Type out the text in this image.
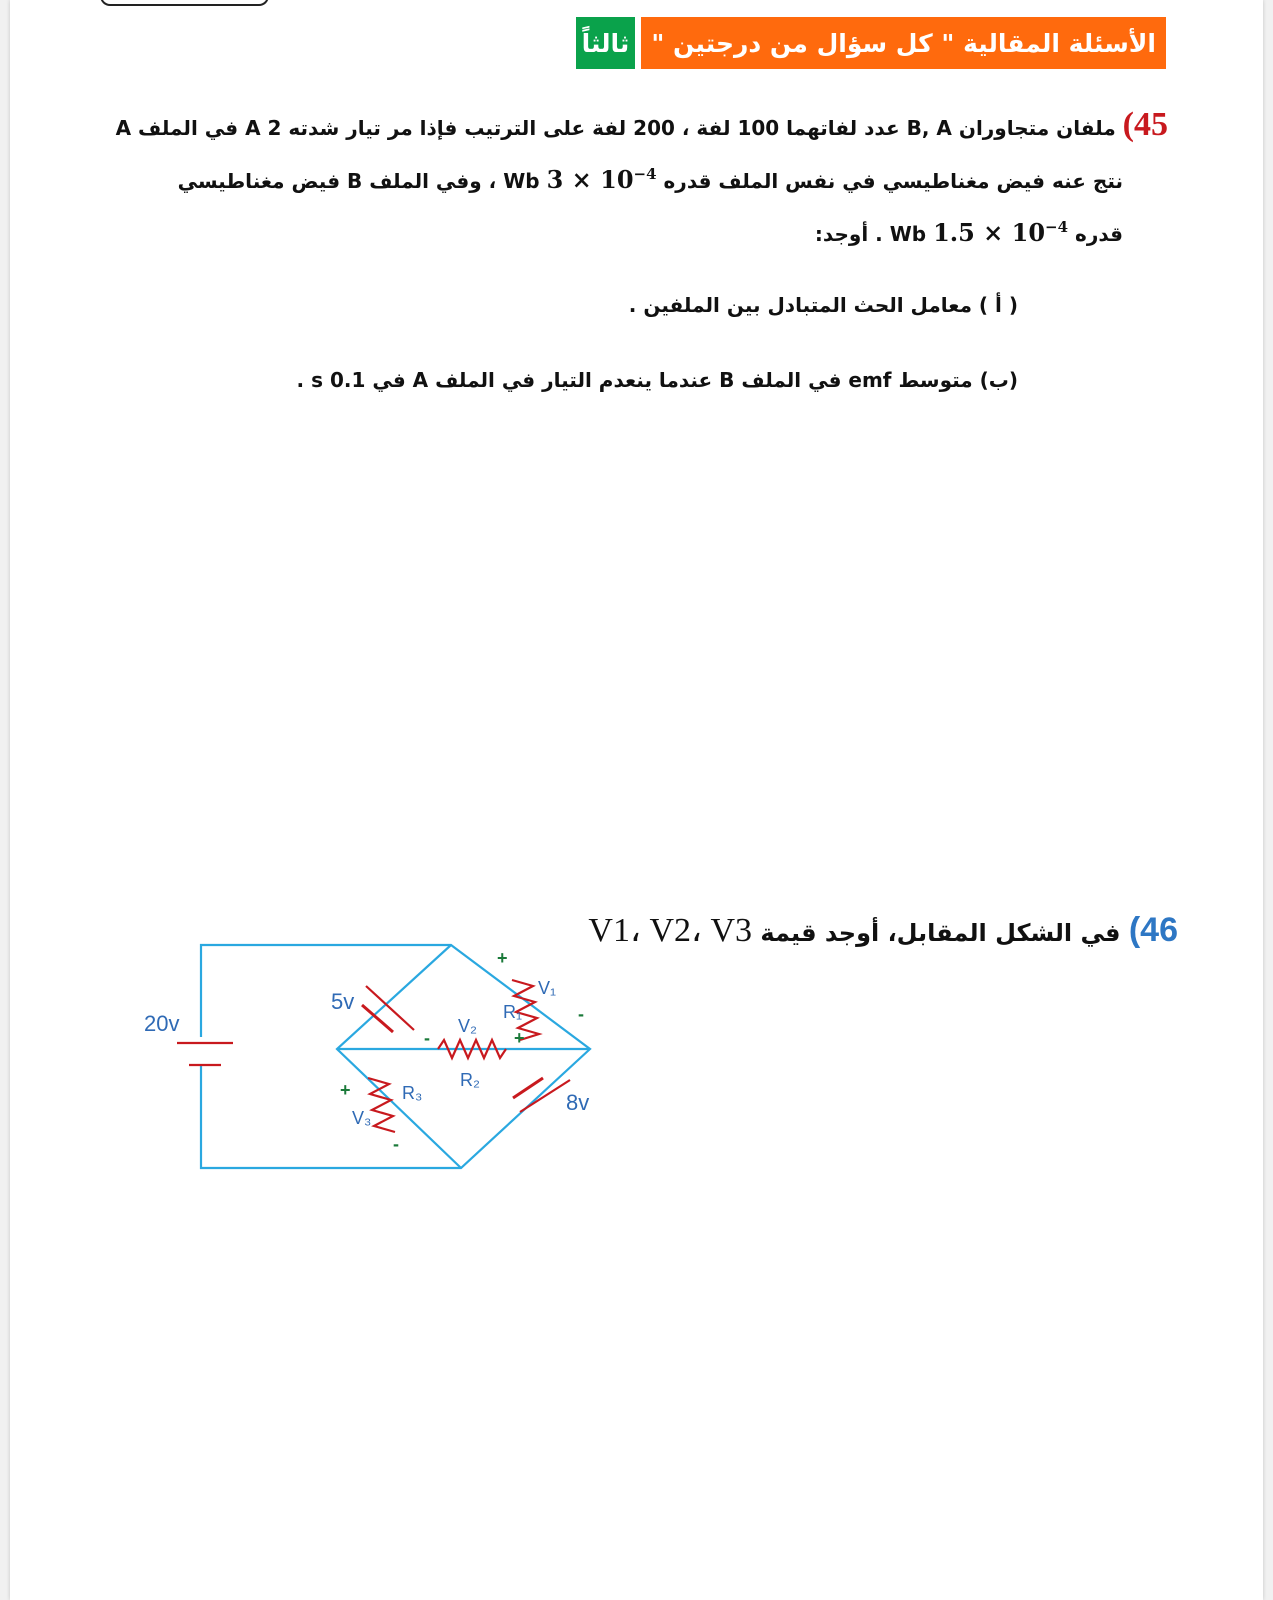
ثالثاً الأسئلة المقالية " كل سؤال من درجتين "
45) ملفان متجاوران B, A عدد لفاتهما 100 لفة ، 200 لفة على الترتيب فإذا مر تيار شدته 2 A في الملف A
نتج عنه فيض مغناطيسي في نفس الملف قدره Wb $3 \times 10^{-4}$ ، وفي الملف B فيض مغناطيسي
قدره Wb $1.5 \times 10^{-4}$ . أوجد:
( أ ) معامل الحث المتبادل بين الملفين .
(ب) متوسط emf في الملف B عندما ينعدم التيار في الملف A في 0.1 s .
46) في الشكل المقابل، أوجد قيمة V1، V2، V3
20v
5v
8v
V₁
R₁
V₂
R₂
R₃
V₃
+
-
+
-
+
-
